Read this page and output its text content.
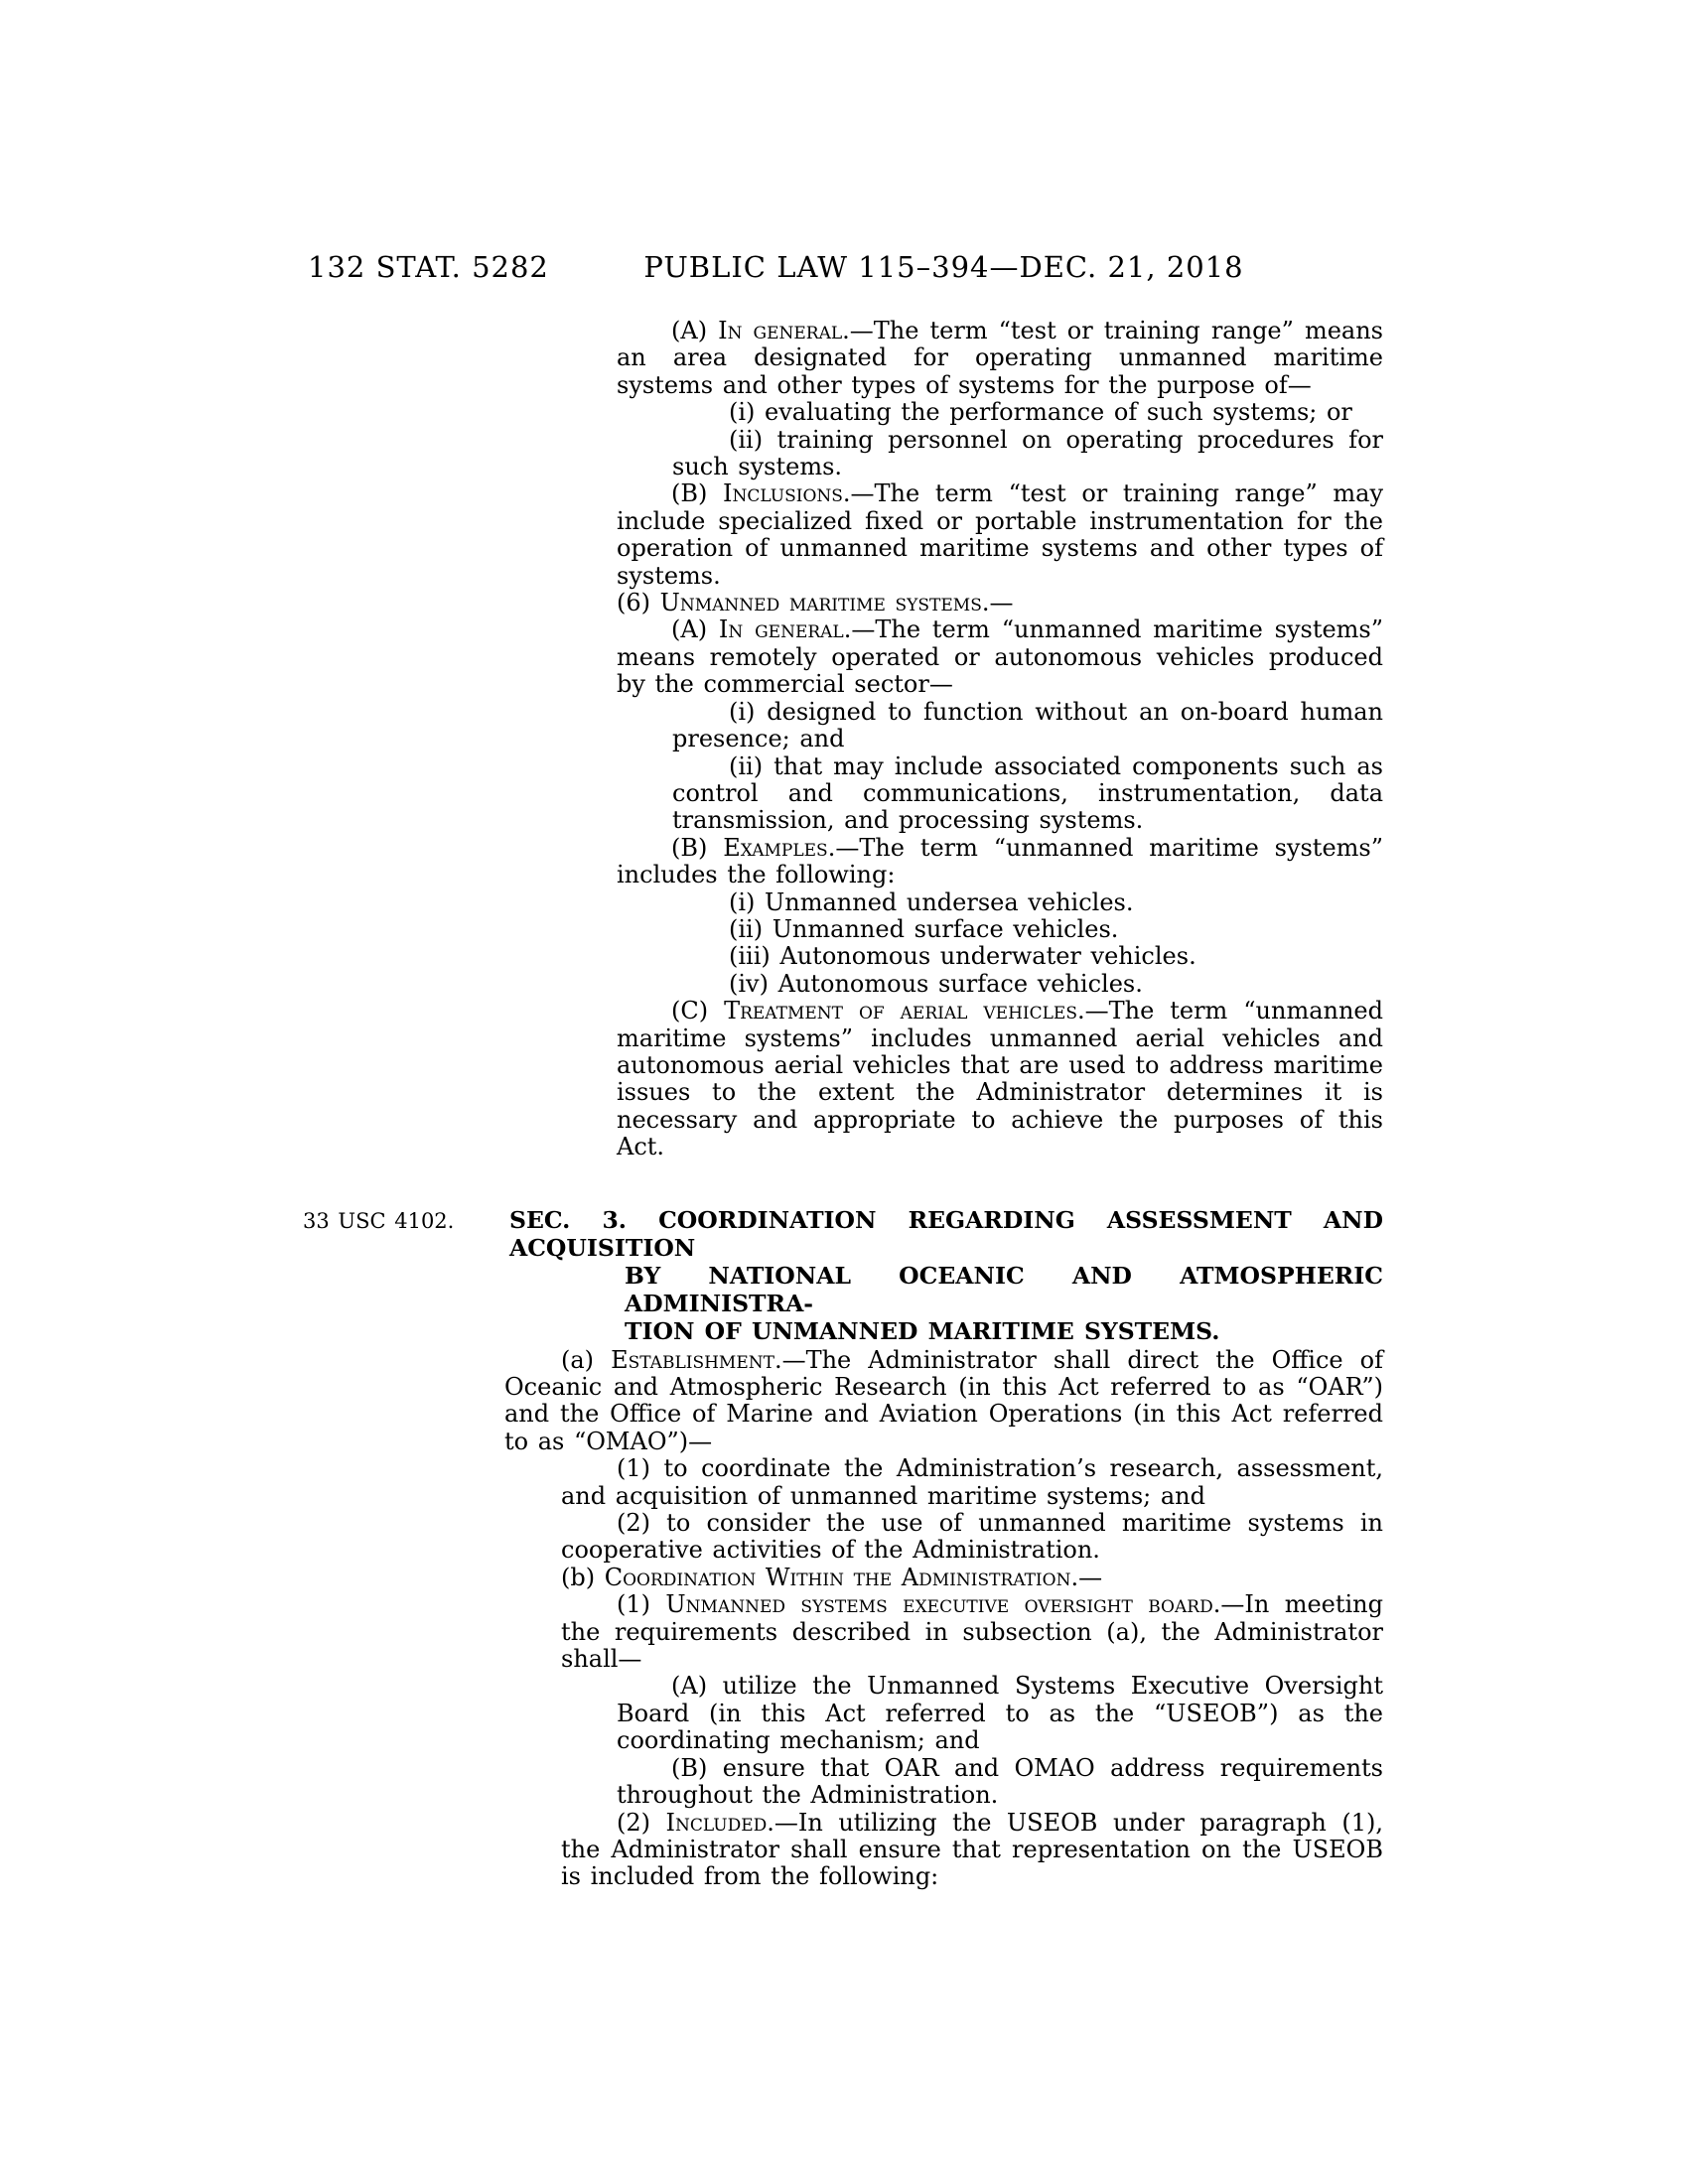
132 STAT. 5282	PUBLIC LAW 115–394—DEC. 21, 2018
(A) In general.—The term “test or training range” means an area designated for operating unmanned maritime systems and other types of systems for the purpose of—
(i) evaluating the performance of such systems; or
(ii) training personnel on operating procedures for such systems.
(B) Inclusions.—The term “test or training range” may include specialized fixed or portable instrumentation for the operation of unmanned maritime systems and other types of systems.
(6) Unmanned maritime systems.—
(A) In general.—The term “unmanned maritime systems” means remotely operated or autonomous vehicles produced by the commercial sector—
(i) designed to function without an on-board human presence; and
(ii) that may include associated components such as control and communications, instrumentation, data transmission, and processing systems.
(B) Examples.—The term “unmanned maritime systems” includes the following:
(i) Unmanned undersea vehicles.
(ii) Unmanned surface vehicles.
(iii) Autonomous underwater vehicles.
(iv) Autonomous surface vehicles.
(C) Treatment of aerial vehicles.—The term “unmanned maritime systems” includes unmanned aerial vehicles and autonomous aerial vehicles that are used to address maritime issues to the extent the Administrator determines it is necessary and appropriate to achieve the purposes of this Act.
33 USC 4102. SEC. 3. COORDINATION REGARDING ASSESSMENT AND ACQUISITION
BY NATIONAL OCEANIC AND ATMOSPHERIC ADMINISTRA-
TION OF UNMANNED MARITIME SYSTEMS.
(a) Establishment.—The Administrator shall direct the Office of Oceanic and Atmospheric Research (in this Act referred to as “OAR”) and the Office of Marine and Aviation Operations (in this Act referred to as “OMAO”)—
(1) to coordinate the Administration’s research, assessment, and acquisition of unmanned maritime systems; and
(2) to consider the use of unmanned maritime systems in cooperative activities of the Administration.
(b) Coordination Within the Administration.—
(1) Unmanned systems executive oversight board.—In meeting the requirements described in subsection (a), the Administrator shall—
(A) utilize the Unmanned Systems Executive Oversight Board (in this Act referred to as the “USEOB”) as the coordinating mechanism; and
(B) ensure that OAR and OMAO address requirements throughout the Administration.
(2) Included.—In utilizing the USEOB under paragraph (1), the Administrator shall ensure that representation on the USEOB is included from the following:
